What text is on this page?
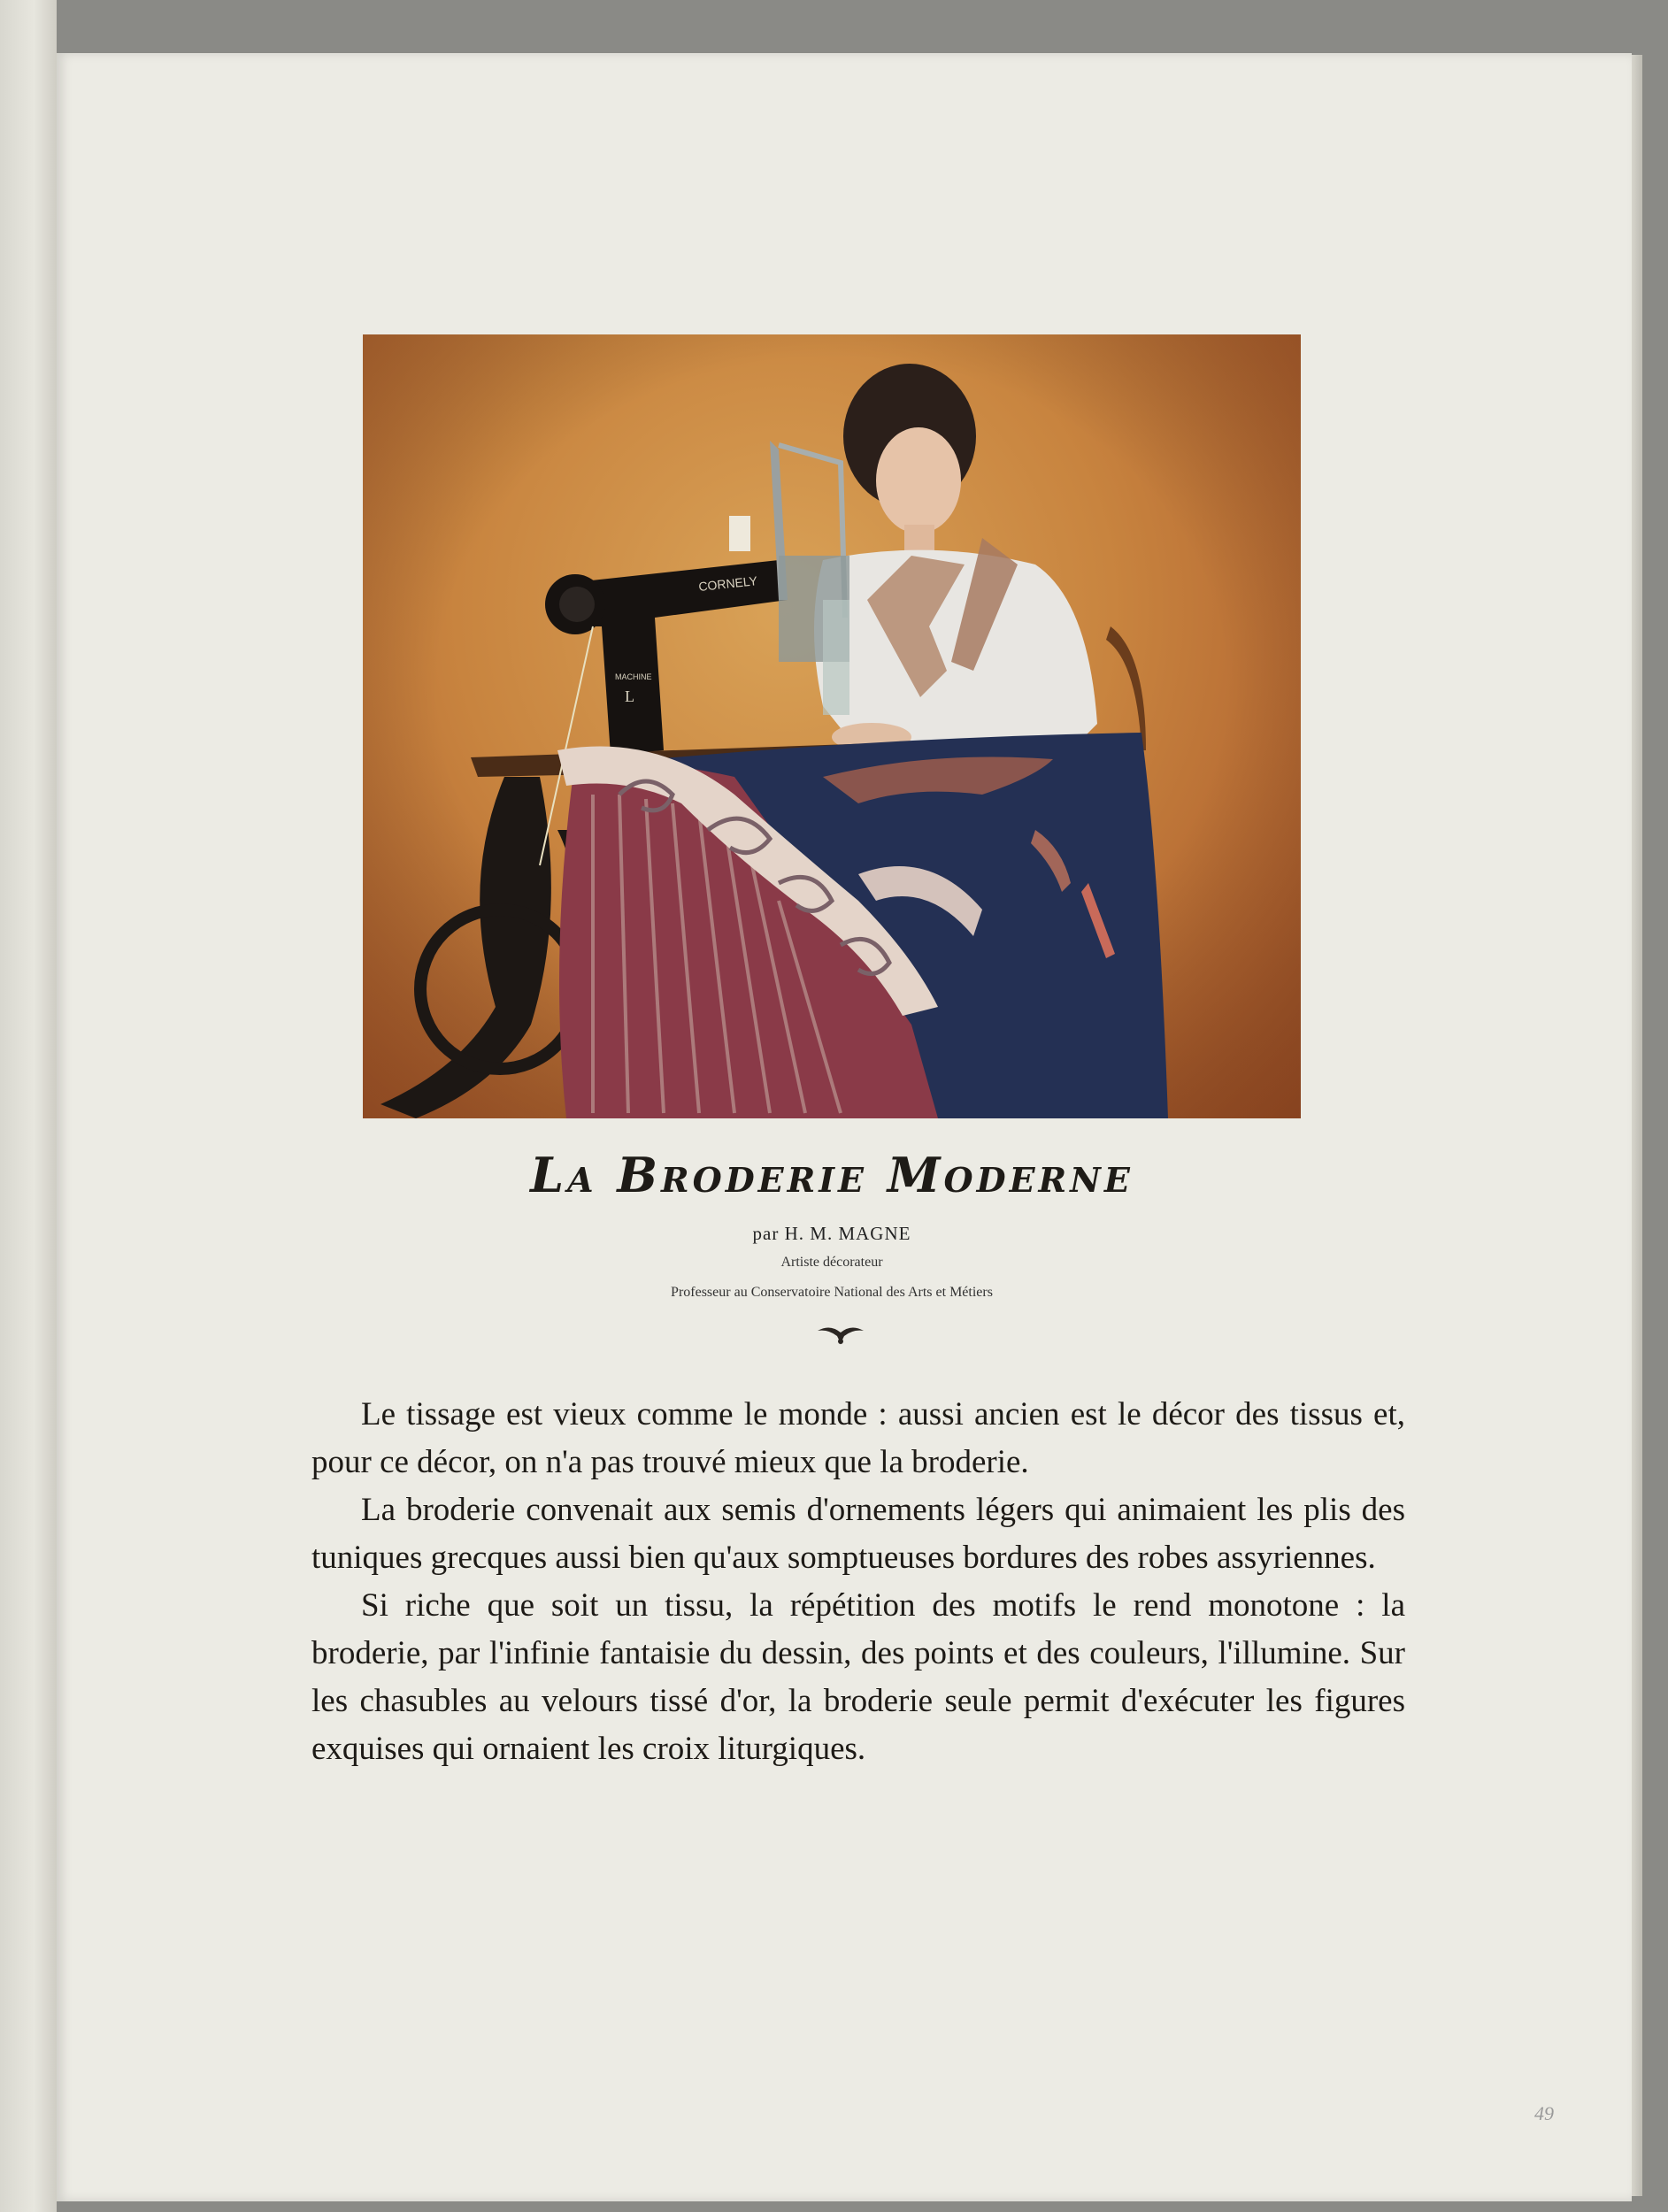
CORNELY
MACHINE
L
La Broderie Moderne
par H. M. MAGNE
Artiste décorateur
Professeur au Conservatoire National des Arts et Métiers

Le tissage est vieux comme le monde : aussi ancien est le décor des tissus et, pour ce décor, on n'a pas trouvé mieux que la broderie.

La broderie convenait aux semis d'ornements légers qui animaient les plis des tuniques grecques aussi bien qu'aux somptueuses bordures des robes assyriennes.

Si riche que soit un tissu, la répétition des motifs le rend monotone : la broderie, par l'infinie fantaisie du dessin, des points et des couleurs, l'illumine. Sur les chasubles au velours tissé d'or, la broderie seule permit d'exécuter les figures exquises qui ornaient les croix liturgiques.

49
